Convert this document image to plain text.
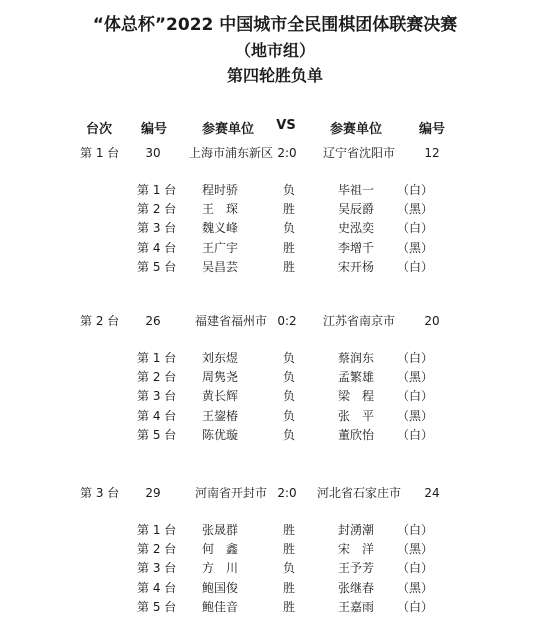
“体总杯”2022 中国城市全民围棋团体联赛决赛
（地市组）
第四轮胜负单
台次 编号	参赛单位 VS	参赛单位	编号
第 1 台 30 上海市浦东新区 2:0 辽宁省沈阳市 12
第 1 台 程时骄	负	毕祖一 （白）
第 2 台 王　琛	胜	吴辰爵 （黑）
第 3 台 魏义峰	负	史泓奕 （白）
第 4 台 王广宇	胜	李增千 （黑）
第 5 台 吴昌芸	胜	宋开杨 （白）
第 2 台 26	福建省福州市 0:2 江苏省南京市 20
第 1 台 刘东煜	负	蔡润东 （白）
第 2 台 周隽尧	负	孟繁雄 （黑）
第 3 台 黄长辉	负	梁　程 （白）
第 4 台 王鋆椿	负	张　平 （黑）
第 5 台 陈优璇	负	董欣怡 （白）
第 3 台 29	河南省开封市 2:0 河北省石家庄市 24
第 1 台 张晟群	胜	封湧潮 （白）
第 2 台 何　鑫	胜	宋　洋 （黑）
第 3 台 方　川	负	王予芳 （白）
第 4 台 鲍国俊	胜	张继春 （黑）
第 5 台 鲍佳音	胜	王嘉雨 （白）
